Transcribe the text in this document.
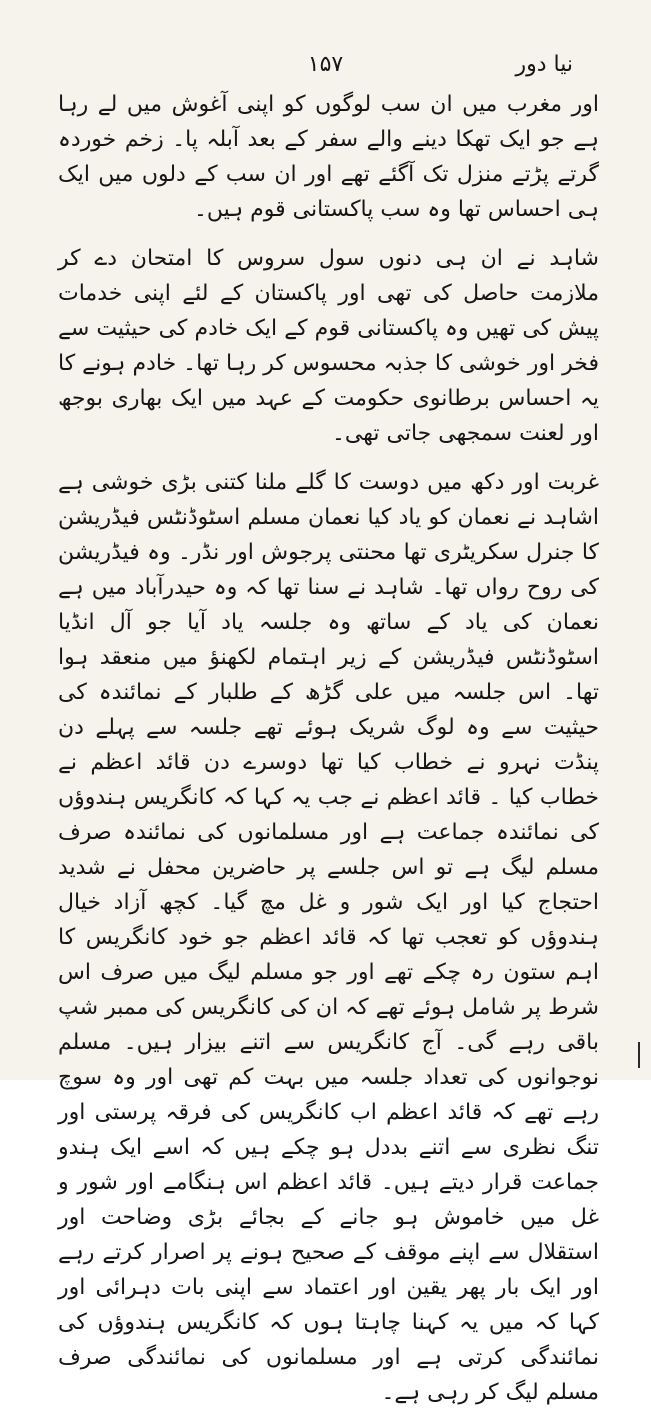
نیا دور
۱۵۷

اور مغرب میں ان سب لوگوں کو اپنی آغوش میں لے رہا ہے جو ایک تھکا دینے والے سفر کے بعد آبلہ پا۔ زخم خوردہ گرتے پڑتے منزل تک آگئے تھے اور ان سب کے دلوں میں ایک ہی احساس تھا وہ سب پاکستانی قوم ہیں۔

شاہد نے ان ہی دنوں سول سروس کا امتحان دے کر ملازمت حاصل کی تھی اور پاکستان کے لئے اپنی خدمات پیش کی تھیں وہ پاکستانی قوم کے ایک خادم کی حیثیت سے فخر اور خوشی کا جذبہ محسوس کر رہا تھا۔ خادم ہونے کا یہ احساس برطانوی حکومت کے عہد میں ایک بھاری بوجھ اور لعنت سمجھی جاتی تھی۔

غربت اور دکھ میں دوست کا گلے ملنا کتنی بڑی خوشی ہے اشاہد نے نعمان کو یاد کیا نعمان مسلم اسٹوڈنٹس فیڈریشن کا جنرل سکریٹری تھا محنتی پرجوش اور نڈر۔ وہ فیڈریشن کی روح رواں تھا۔ شاہد نے سنا تھا کہ وہ حیدرآباد میں ہے نعمان کی یاد کے ساتھ وہ جلسہ یاد آیا جو آل انڈیا اسٹوڈنٹس فیڈریشن کے زیر اہتمام لکھنؤ میں منعقد ہوا تھا۔ اس جلسہ میں علی گڑھ کے طلبار کے نمائندہ کی حیثیت سے وہ لوگ شریک ہوئے تھے جلسہ سے پہلے دن پنڈت نہرو نے خطاب کیا تھا دوسرے دن قائد اعظم نے خطاب کیا ۔ قائد اعظم نے جب یہ کہا کہ کانگریس ہندوؤں کی نمائندہ جماعت ہے اور مسلمانوں کی نمائندہ صرف مسلم لیگ ہے تو اس جلسے پر حاضرین محفل نے شدید احتجاج کیا اور ایک شور و غل مچ گیا۔ کچھ آزاد خیال ہندوؤں کو تعجب تھا کہ قائد اعظم جو خود کانگریس کا اہم ستون رہ چکے تھے اور جو مسلم لیگ میں صرف اس شرط پر شامل ہوئے تھے کہ ان کی کانگریس کی ممبر شپ باقی رہے گی۔ آج کانگریس سے اتنے بیزار ہیں۔ مسلم نوجوانوں کی تعداد جلسہ میں بہت کم تھی اور وہ سوچ رہے تھے کہ قائد اعظم اب کانگریس کی فرقہ پرستی اور تنگ نظری سے اتنے بددل ہو چکے ہیں کہ اسے ایک ہندو جماعت قرار دیتے ہیں۔ قائد اعظم اس ہنگامے اور شور و غل میں خاموش ہو جانے کے بجائے بڑی وضاحت اور استقلال سے اپنے موقف کے صحیح ہونے پر اصرار کرتے رہے اور ایک بار پھر یقین اور اعتماد سے اپنی بات دہرائی اور کہا کہ میں یہ کہنا چاہتا ہوں کہ کانگریس ہندوؤں کی نمائندگی کرتی ہے اور مسلمانوں کی نمائندگی صرف مسلم لیگ کر رہی ہے۔
